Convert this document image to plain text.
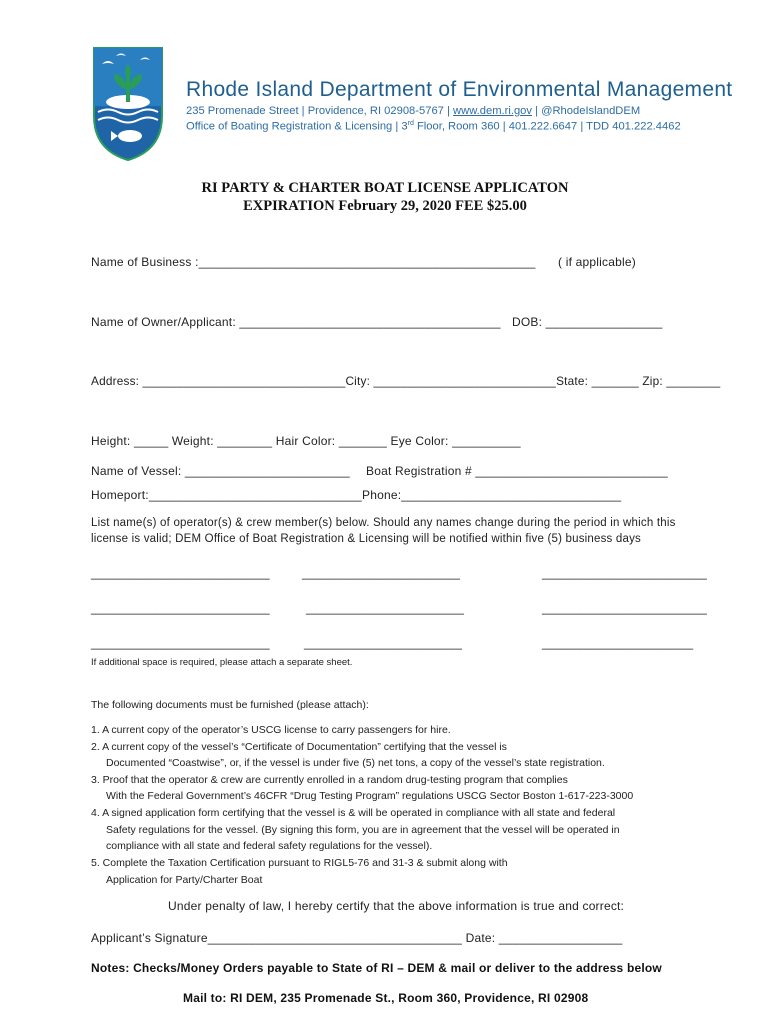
Rhode Island Department of Environmental Management
235 Promenade Street | Providence, RI 02908-5767 | www.dem.ri.gov | @RhodeIslandDEM
Office of Boating Registration & Licensing | 3rd Floor, Room 360 | 401.222.6647 | TDD 401.222.4462
RI PARTY & CHARTER BOAT LICENSE APPLICATON
EXPIRATION February 29, 2020 FEE $25.00
Name of Business :_________________________________________________ ( if applicable)
Name of Owner/Applicant: ______________________________________ DOB: _________________
Address: ______________________________City: ___________________________State: _______ Zip: ________
Height: _____ Weight: ________ Hair Color: _______ Eye Color: __________
Name of Vessel: ________________________ Boat Registration # ____________________________
Homeport:_______________________________ Phone:________________________________
List name(s) of operator(s) & crew member(s) below. Should any names change during the period in which this
license is valid; DEM Office of Boat Registration & Licensing will be notified within five (5) business days
__________________________	_______________________	________________________
__________________________	_______________________	________________________
__________________________	_______________________	______________________
If additional space is required, please attach a separate sheet.
The following documents must be furnished (please attach):
1. A current copy of the operator’s USCG license to carry passengers for hire.
2. A current copy of the vessel’s “Certificate of Documentation” certifying that the vessel is
Documented “Coastwise”, or, if the vessel is under five (5) net tons, a copy of the vessel’s state registration.
3. Proof that the operator & crew are currently enrolled in a random drug-testing program that complies
With the Federal Government’s 46CFR “Drug Testing Program” regulations USCG Sector Boston 1-617-223-3000
4. A signed application form certifying that the vessel is & will be operated in compliance with all state and federal
Safety regulations for the vessel. (By signing this form, you are in agreement that the vessel will be operated in
compliance with all state and federal safety regulations for the vessel).
5. Complete the Taxation Certification pursuant to RIGL5-76 and 31-3 & submit along with
Application for Party/Charter Boat
Under penalty of law, I hereby certify that the above information is true and correct:
Applicant’s Signature_____________________________________ Date: __________________
Notes: Checks/Money Orders payable to State of RI – DEM & mail or deliver to the address below
Mail to: RI DEM, 235 Promenade St., Room 360, Providence, RI 02908
